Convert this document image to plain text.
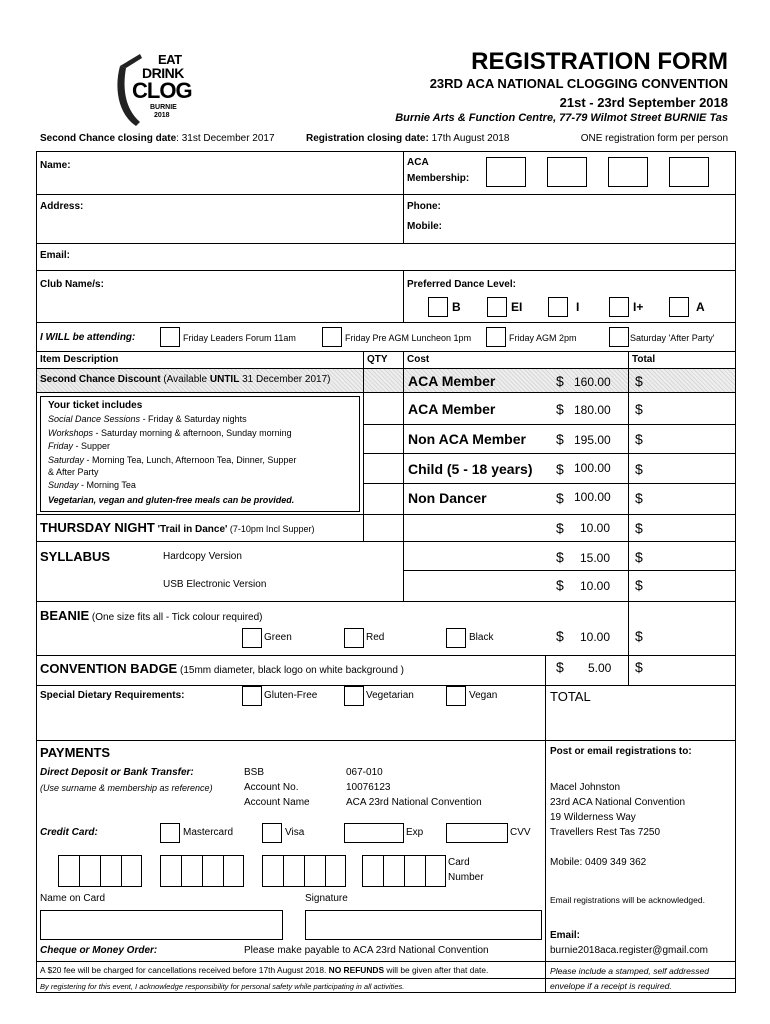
EAT
DRINK
CLOG
BURNIE
2018
REGISTRATION FORM
23RD ACA NATIONAL CLOGGING CONVENTION
21st - 23rd September 2018
Burnie Arts & Function Centre, 77-79 Wilmot Street BURNIE Tas
Second Chance closing date: 31st December 2017	Registration closing date: 17th August 2018	ONE registration form per person
Name:	ACA
Membership:
Address:	Phone:
Mobile:
Email:
Club Name/s:	Preferred Dance Level:
B	EI	I	I+	A
I WILL be attending:	Friday Leaders Forum 11am	Friday Pre AGM Luncheon 1pm	Friday AGM 2pm	Saturday 'After Party'
Item Description	QTY Cost	Total
Second Chance Discount (Available UNTIL 31 December 2017)	ACA Member	$ 160.00 $
Your ticket includes
Social Dance Sessions - Friday & Saturday nights
Workshops - Saturday morning & afternoon, Sunday morning
Friday - Supper
Saturday - Morning Tea, Lunch, Afternoon Tea, Dinner, Supper
& After Party
Sunday - Morning Tea
Vegetarian, vegan and gluten-free meals can be provided.
ACA Member	$ 180.00 $
Non ACA Member $ 195.00 $
Child (5 - 18 years) $ 100.00 $
Non Dancer	$ 100.00 $
THURSDAY NIGHT 'Trail in Dance' (7-10pm Incl Supper)	$ 10.00 $
SYLLABUS	Hardcopy Version	$ 15.00 $
USB Electronic Version	$ 10.00 $
BEANIE (One size fits all - Tick colour required)
Green	Red	Black	$ 10.00 $
CONVENTION BADGE (15mm diameter, black logo on white background )	$ 5.00 $
Special Dietary Requirements:	Gluten-Free	Vegetarian	Vegan	TOTAL
PAYMENTS
Direct Deposit or Bank Transfer:
(Use surname & membership as reference)
BSB	067-010
Account No.	10076123
Account Name	ACA 23rd National Convention
Credit Card:	Mastercard	Visa	Exp	CVV
Card
Number
Name on Card	Signature
Cheque or Money Order:	Please make payable to ACA 23rd National Convention
A $20 fee will be charged for cancellations received before 17th August 2018. NO REFUNDS will be given after that date.
By registering for this event, I acknowledge responsibility for personal safety while participating in all activities.
Post or email registrations to:
Macel Johnston
23rd ACA National Convention
19 Wilderness Way
Travellers Rest Tas 7250
Mobile: 0409 349 362
Email registrations will be acknowledged.
Email:
burnie2018aca.register@gmail.com
Please include a stamped, self addressed
envelope if a receipt is required.
